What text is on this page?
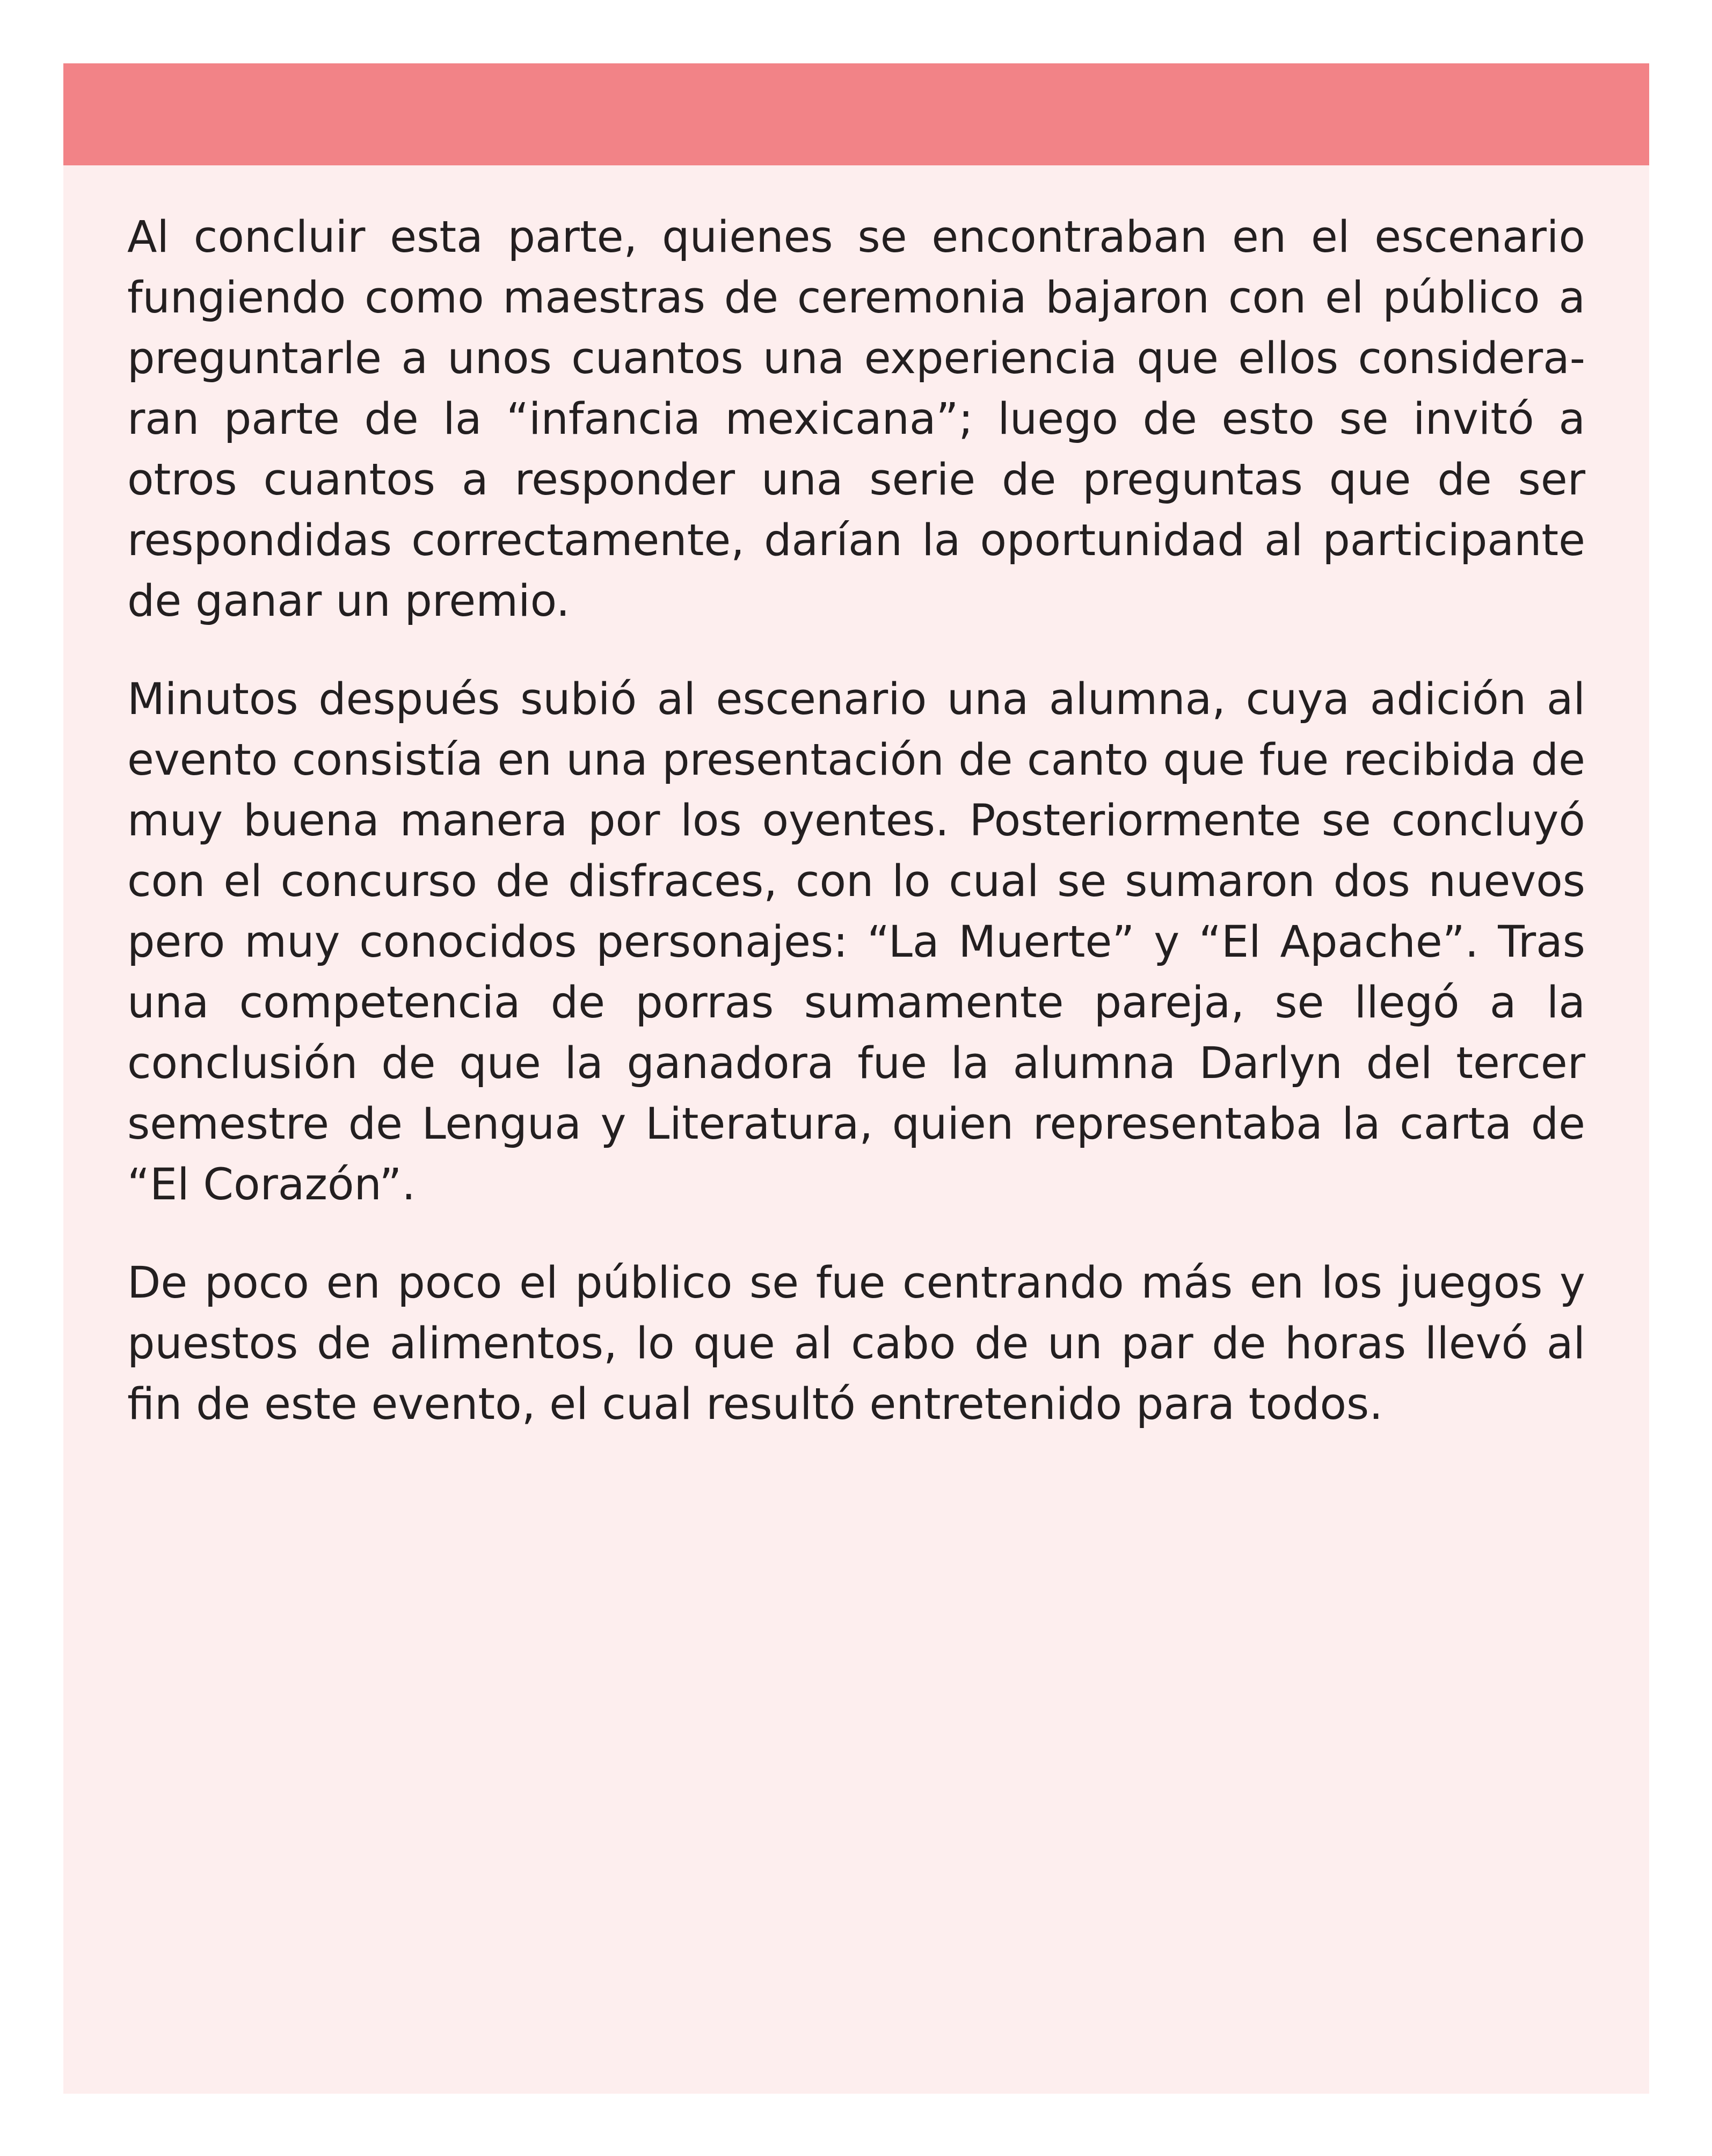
Al concluir esta parte, quienes se encontraban en el escenario fungiendo como maestras de ceremonia bajaron con el público a preguntarle a unos cuantos una experiencia que ellos consideraran parte de la “infancia mexicana”; luego de esto se invitó a otros cuantos a responder una serie de preguntas que de ser respondidas correctamente, darían la oportunidad al participante de ganar un premio.

Minutos después subió al escenario una alumna, cuya adición al evento consistía en una presentación de canto que fue recibida de muy buena manera por los oyentes. Posteriormente se concluyó con el concurso de disfraces, con lo cual se sumaron dos nuevos pero muy conocidos personajes: “La Muerte” y “El Apache”. Tras una competencia de porras sumamente pareja, se llegó a la conclusión de que la ganadora fue la alumna Darlyn del tercer semestre de Lengua y Literatura, quien representaba la carta de “El Corazón”.

De poco en poco el público se fue centrando más en los juegos y puestos de alimentos, lo que al cabo de un par de horas llevó al fin de este evento, el cual resultó entretenido para todos.
